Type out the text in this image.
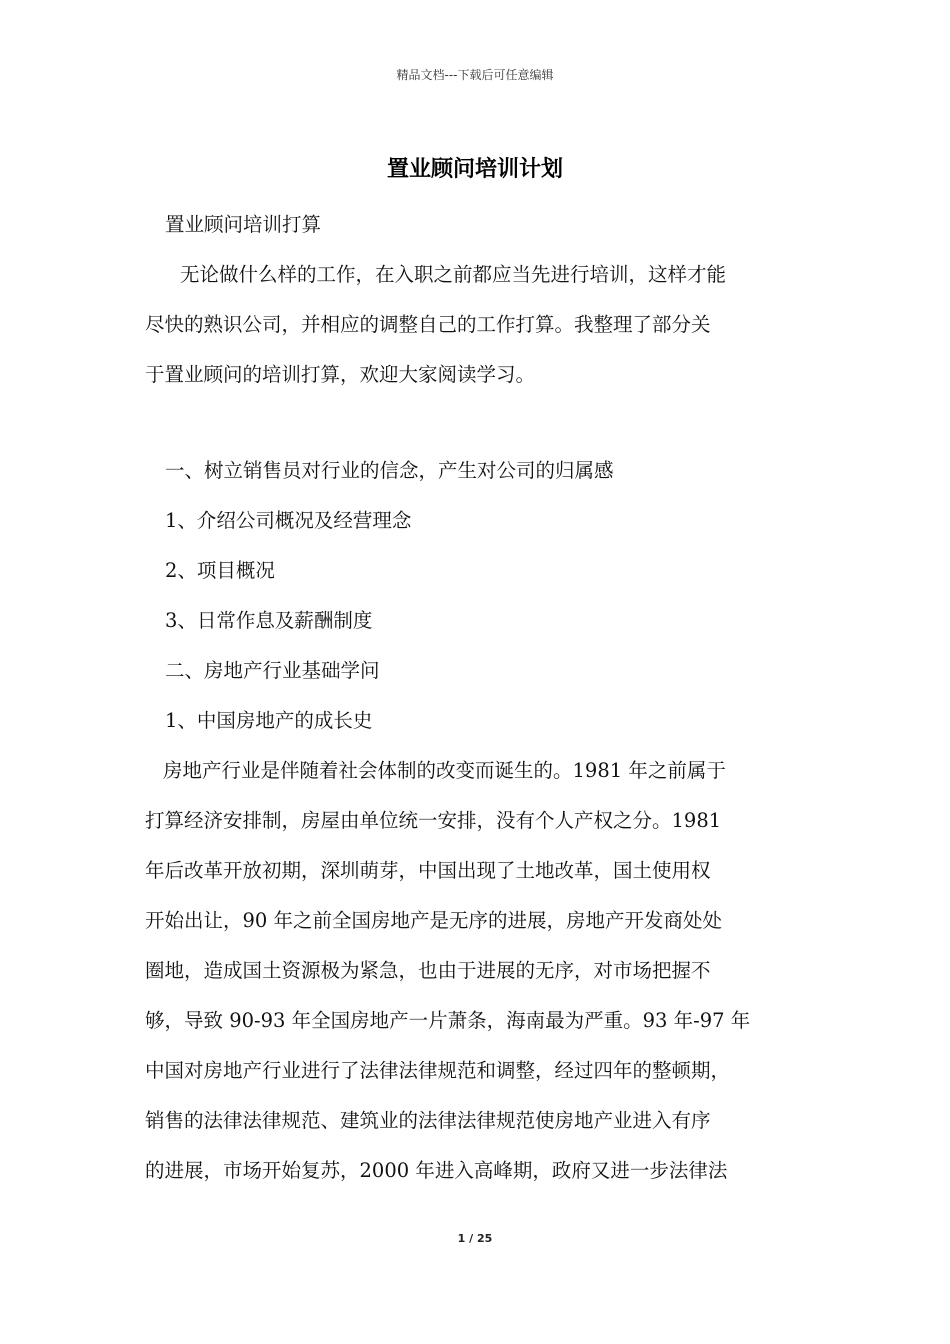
精品文档---下载后可任意编辑
置业顾问培训计划
置业顾问培训打算
无论做什么样的工作，在入职之前都应当先进行培训，这样才能
尽快的熟识公司，并相应的调整自己的工作打算。我整理了部分关
于置业顾问的培训打算，欢迎大家阅读学习。
一、树立销售员对行业的信念，产生对公司的归属感
1、介绍公司概况及经营理念
2、项目概况
3、日常作息及薪酬制度
二、房地产行业基础学问
1、中国房地产的成长史
房地产行业是伴随着社会体制的改变而诞生的。1981 年之前属于
打算经济安排制，房屋由单位统一安排，没有个人产权之分。1981
年后改革开放初期，深圳萌芽，中国出现了土地改革，国土使用权
开始出让，90 年之前全国房地产是无序的进展，房地产开发商处处
圈地，造成国土资源极为紧急，也由于进展的无序，对市场把握不
够，导致 90-93 年全国房地产一片萧条，海南最为严重。93 年-97 年
中国对房地产行业进行了法律法律规范和调整，经过四年的整顿期，
销售的法律法律规范、建筑业的法律法律规范使房地产业进入有序
的进展，市场开始复苏，2000 年进入高峰期，政府又进一步法律法
1 / 25
